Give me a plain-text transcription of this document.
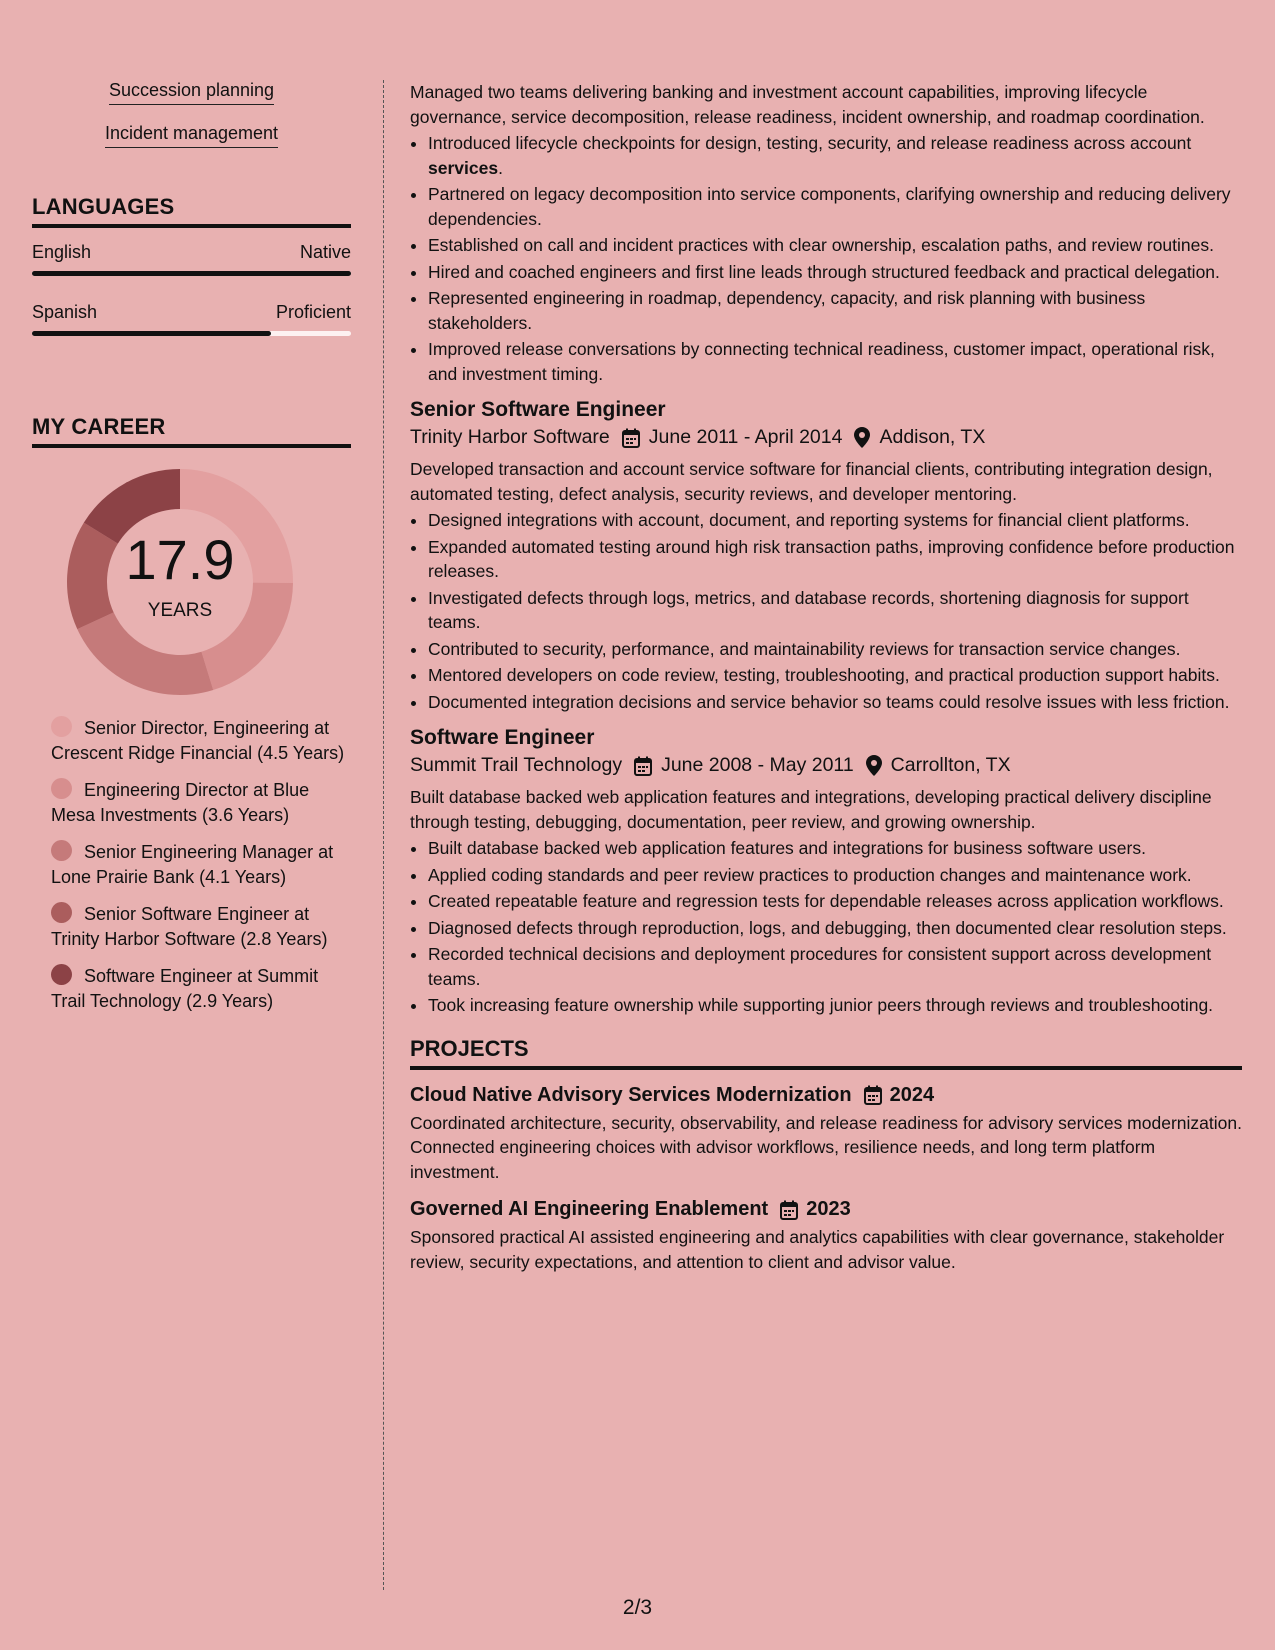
Succession planning
Incident management
LANGUAGES
English	Native
Spanish	Proficient
MY CAREER
17.9
YEARS
Senior Director, Engineering at Crescent Ridge Financial (4.5 Years)
Engineering Director at Blue Mesa Investments (3.6 Years)
Senior Engineering Manager at Lone Prairie Bank (4.1 Years)
Senior Software Engineer at Trinity Harbor Software (2.8 Years)
Software Engineer at Summit Trail Technology (2.9 Years)

Managed two teams delivering banking and investment account capabilities, improving lifecycle governance, service decomposition, release readiness, incident ownership, and roadmap coordination.

• Introduced lifecycle checkpoints for design, testing, security, and release readiness across account services.
• Partnered on legacy decomposition into service components, clarifying ownership and reducing delivery dependencies.
• Established on call and incident practices with clear ownership, escalation paths, and review routines.
• Hired and coached engineers and first line leads through structured feedback and practical delegation.
• Represented engineering in roadmap, dependency, capacity, and risk planning with business stakeholders.
• Improved release conversations by connecting technical readiness, customer impact, operational risk, and investment timing.
Senior Software Engineer
Trinity Harbor Software June 2011 - April 2014 Addison, TX

Developed transaction and account service software for financial clients, contributing integration design, automated testing, defect analysis, security reviews, and developer mentoring.

• Designed integrations with account, document, and reporting systems for financial client platforms.
• Expanded automated testing around high risk transaction paths, improving confidence before production releases.
• Investigated defects through logs, metrics, and database records, shortening diagnosis for support teams.
• Contributed to security, performance, and maintainability reviews for transaction service changes.
• Mentored developers on code review, testing, troubleshooting, and practical production support habits.
• Documented integration decisions and service behavior so teams could resolve issues with less friction.
Software Engineer
Summit Trail Technology June 2008 - May 2011 Carrollton, TX

Built database backed web application features and integrations, developing practical delivery discipline through testing, debugging, documentation, peer review, and growing ownership.

• Built database backed web application features and integrations for business software users.
• Applied coding standards and peer review practices to production changes and maintenance work.
• Created repeatable feature and regression tests for dependable releases across application workflows.
• Diagnosed defects through reproduction, logs, and debugging, then documented clear resolution steps.
• Recorded technical decisions and deployment procedures for consistent support across development teams.
• Took increasing feature ownership while supporting junior peers through reviews and troubleshooting.
PROJECTS
Cloud Native Advisory Services Modernization 2024

Coordinated architecture, security, observability, and release readiness for advisory services modernization. Connected engineering choices with advisor workflows, resilience needs, and long term platform investment.

Governed AI Engineering Enablement 2023

Sponsored practical AI assisted engineering and analytics capabilities with clear governance, stakeholder review, security expectations, and attention to client and advisor value.

2/3
